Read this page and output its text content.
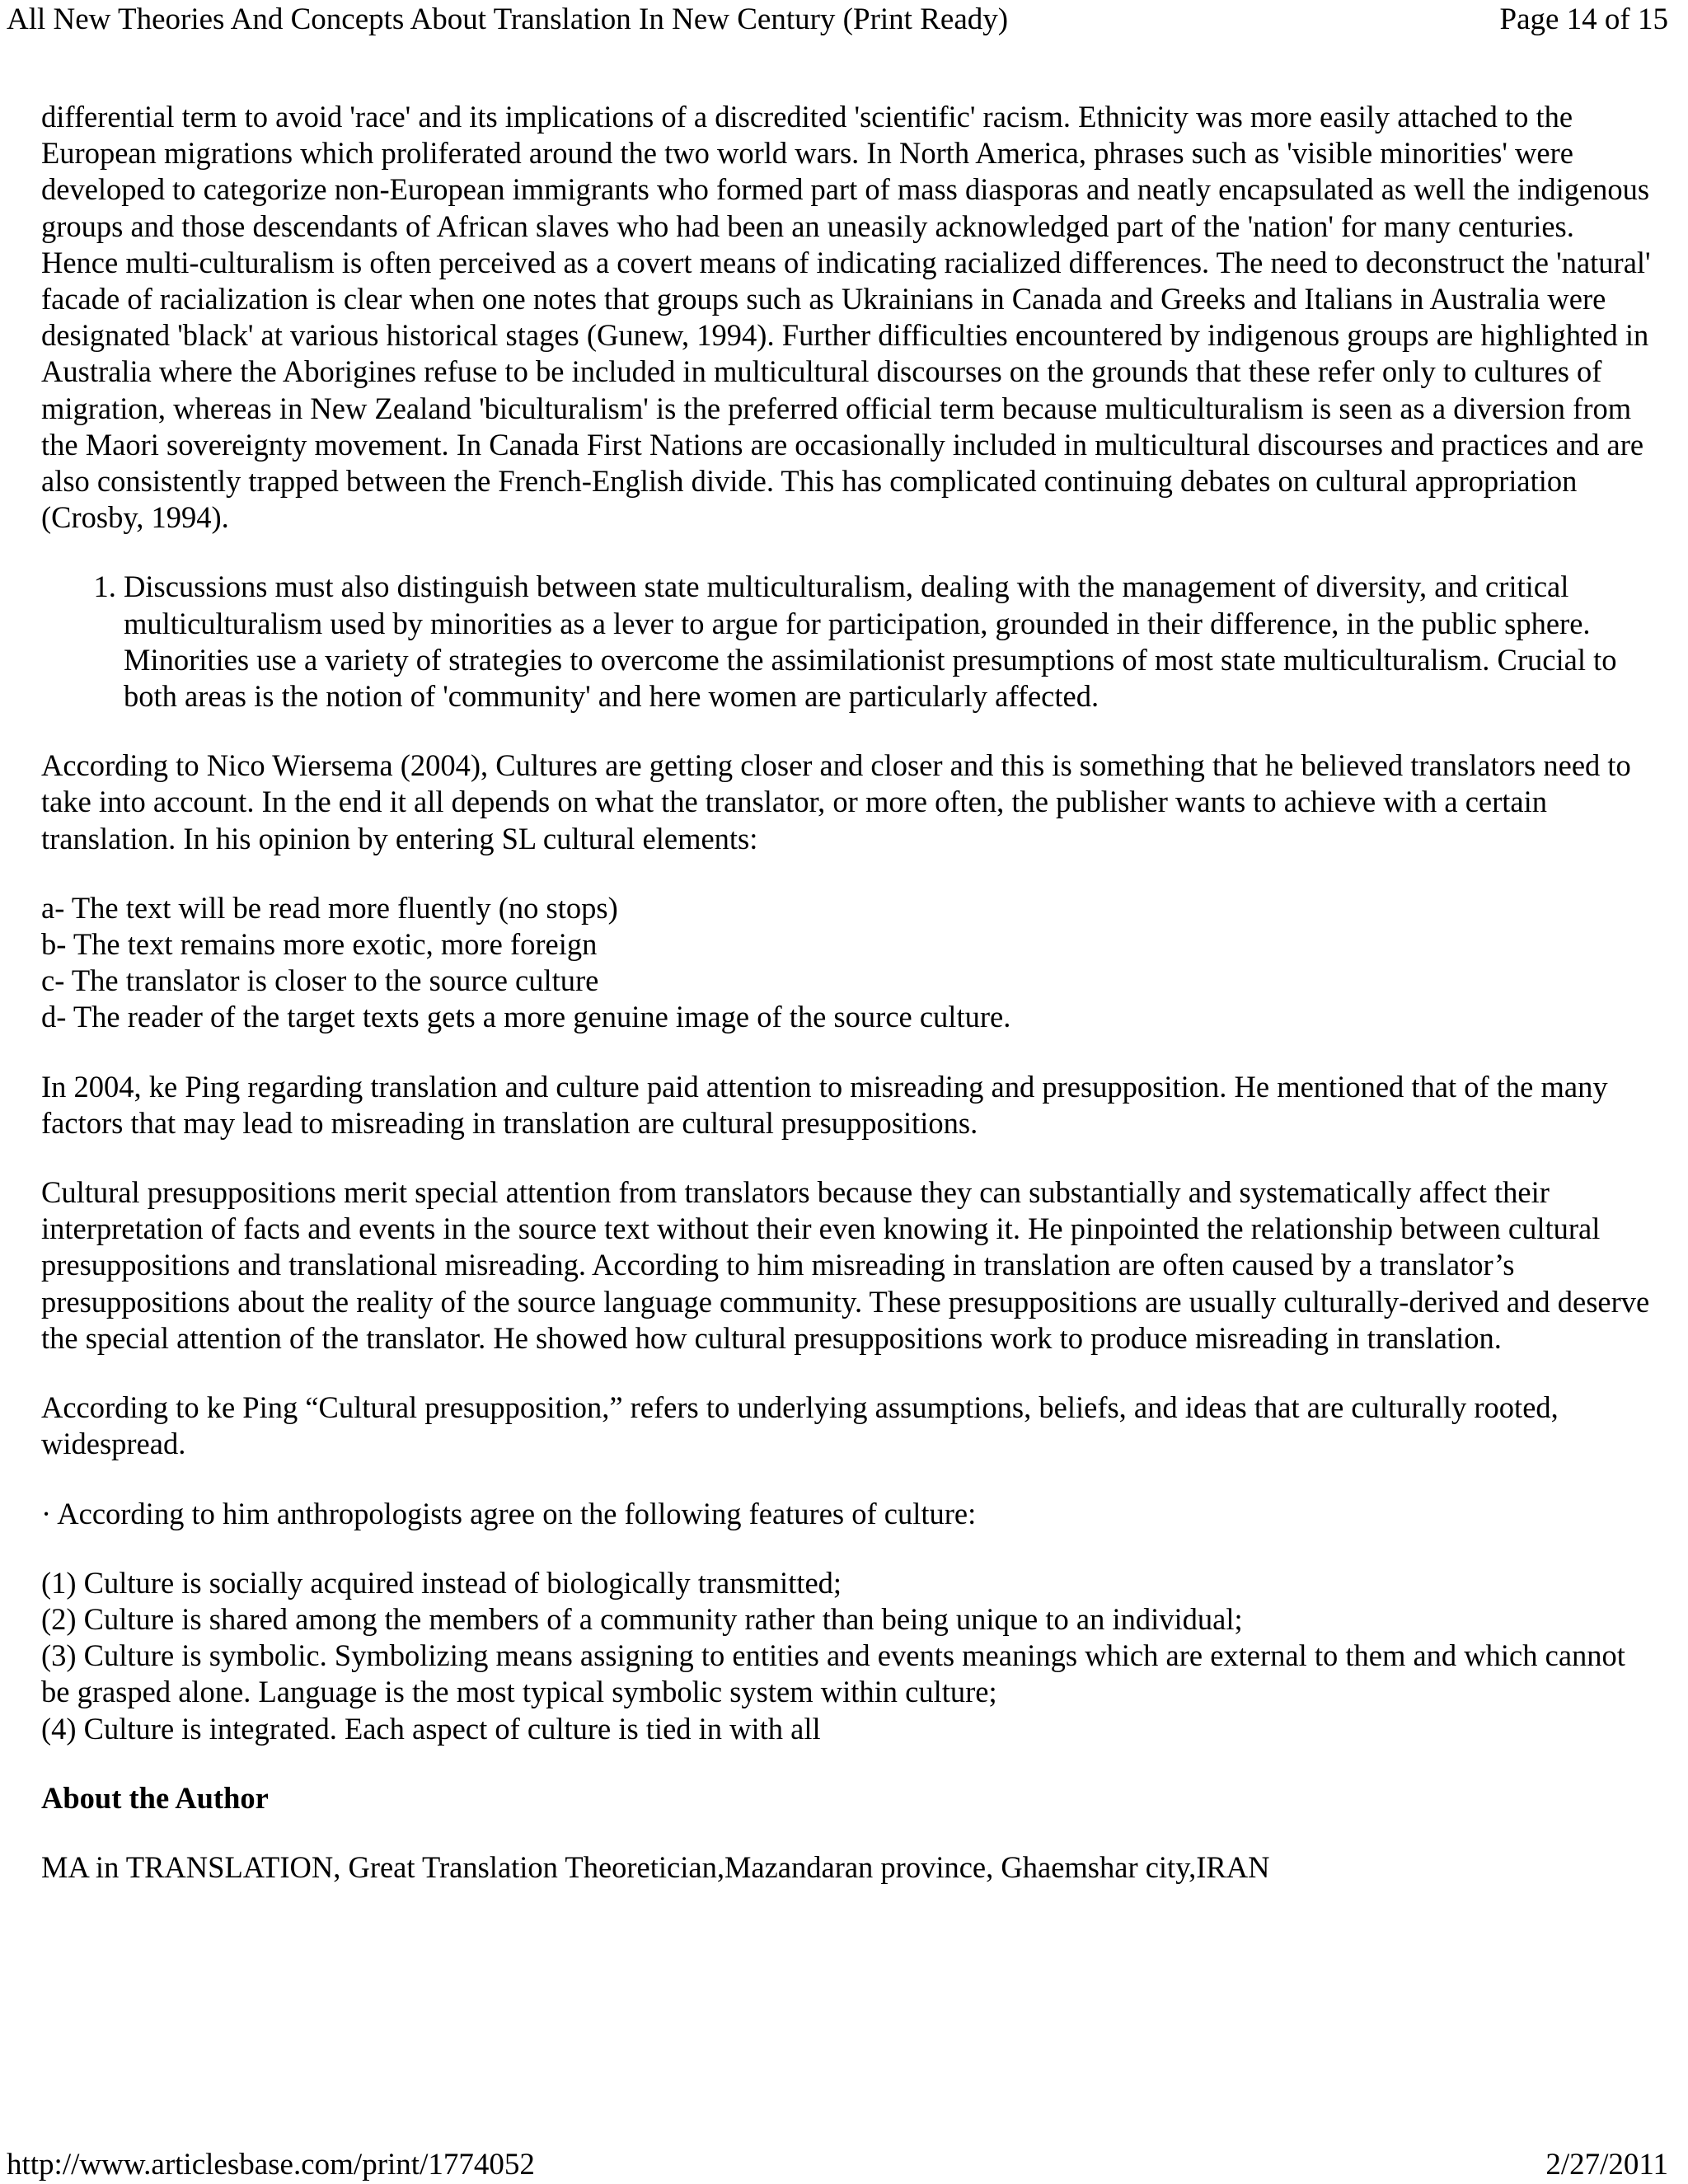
All New Theories And Concepts About Translation In New Century (Print Ready)	Page 14 of 15

differential term to avoid 'race' and its implications of a discredited 'scientific' racism. Ethnicity was more easily attached to the European migrations which proliferated around the two world wars. In North America, phrases such as 'visible minorities' were developed to categorize non-European immigrants who formed part of mass diasporas and neatly encapsulated as well the indigenous groups and those descendants of African slaves who had been an uneasily acknowledged part of the 'nation' for many centuries. Hence multi-culturalism is often perceived as a covert means of indicating racialized differences. The need to deconstruct the 'natural' facade of racialization is clear when one notes that groups such as Ukrainians in Canada and Greeks and Italians in Australia were designated 'black' at various historical stages (Gunew, 1994). Further difficulties encountered by indigenous groups are highlighted in Australia where the Aborigines refuse to be included in multicultural discourses on the grounds that these refer only to cultures of migration, whereas in New Zealand 'biculturalism' is the preferred official term because multiculturalism is seen as a diversion from the Maori sovereignty movement. In Canada First Nations are occasionally included in multicultural discourses and practices and are also consistently trapped between the French-English divide. This has complicated continuing debates on cultural appropriation (Crosby, 1994).

1. Discussions must also distinguish between state multiculturalism, dealing with the management of diversity, and critical multiculturalism used by minorities as a lever to argue for participation, grounded in their difference, in the public sphere. Minorities use a variety of strategies to overcome the assimilationist presumptions of most state multiculturalism. Crucial to both areas is the notion of 'community' and here women are particularly affected.

According to Nico Wiersema (2004), Cultures are getting closer and closer and this is something that he believed translators need to take into account. In the end it all depends on what the translator, or more often, the publisher wants to achieve with a certain translation. In his opinion by entering SL cultural elements:

a- The text will be read more fluently (no stops)
b- The text remains more exotic, more foreign
c- The translator is closer to the source culture
d- The reader of the target texts gets a more genuine image of the source culture.

In 2004, ke Ping regarding translation and culture paid attention to misreading and presupposition. He mentioned that of the many factors that may lead to misreading in translation are cultural presuppositions.

Cultural presuppositions merit special attention from translators because they can substantially and systematically affect their interpretation of facts and events in the source text without their even knowing it. He pinpointed the relationship between cultural presuppositions and translational misreading. According to him misreading in translation are often caused by a translator’s presuppositions about the reality of the source language community. These presuppositions are usually culturally-derived and deserve the special attention of the translator. He showed how cultural presuppositions work to produce misreading in translation.

According to ke Ping “Cultural presupposition,” refers to underlying assumptions, beliefs, and ideas that are culturally rooted, widespread.

· According to him anthropologists agree on the following features of culture:

(1) Culture is socially acquired instead of biologically transmitted;
(2) Culture is shared among the members of a community rather than being unique to an individual;
(3) Culture is symbolic. Symbolizing means assigning to entities and events meanings which are external to them and which cannot be grasped alone. Language is the most typical symbolic system within culture;
(4) Culture is integrated. Each aspect of culture is tied in with all

About the Author

MA in TRANSLATION, Great Translation Theoretician,Mazandaran province, Ghaemshar city,IRAN

http://www.articlesbase.com/print/1774052	2/27/2011
